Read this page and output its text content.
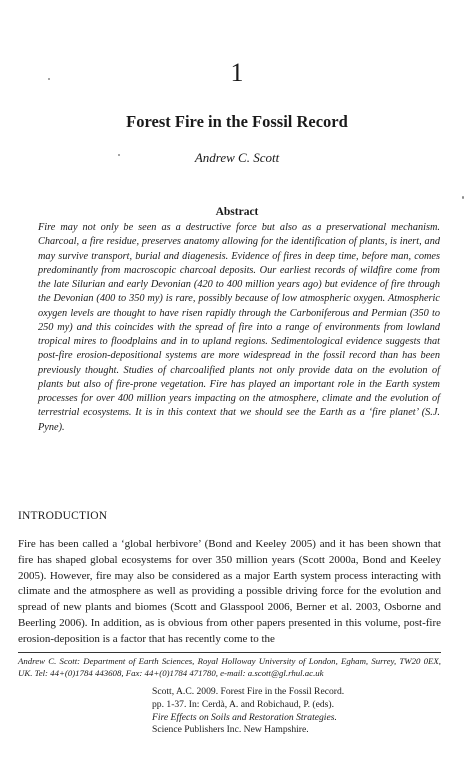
1
Forest Fire in the Fossil Record
Andrew C. Scott
Abstract
Fire may not only be seen as a destructive force but also as a preservational mechanism. Charcoal, a fire residue, preserves anatomy allowing for the identification of plants, is inert, and may survive transport, burial and diagenesis. Evidence of fires in deep time, before man, comes predominantly from macroscopic charcoal deposits. Our earliest records of wildfire come from the late Silurian and early Devonian (420 to 400 million years ago) but evidence of fire through the Devonian (400 to 350 my) is rare, possibly because of low atmospheric oxygen. Atmospheric oxygen levels are thought to have risen rapidly through the Carboniferous and Permian (350 to 250 my) and this coincides with the spread of fire into a range of environments from lowland tropical mires to floodplains and in to upland regions. Sedimentological evidence suggests that post-fire erosion-depositional systems are more widespread in the fossil record than has been previously thought. Studies of charcoalified plants not only provide data on the evolution of plants but also of fire-prone vegetation. Fire has played an important role in the Earth system processes for over 400 million years impacting on the atmosphere, climate and the evolution of terrestrial ecosystems. It is in this context that we should see the Earth as a ‘fire planet’ (S.J. Pyne).
INTRODUCTION
Fire has been called a ‘global herbivore’ (Bond and Keeley 2005) and it has been shown that fire has shaped global ecosystems for over 350 million years (Scott 2000a, Bond and Keeley 2005). However, fire may also be considered as a major Earth system process interacting with climate and the atmosphere as well as providing a possible driving force for the evolution and spread of new plants and biomes (Scott and Glasspool 2006, Berner et al. 2003, Osborne and Beerling 2006). In addition, as is obvious from other papers presented in this volume, post-fire erosion-deposition is a factor that has recently come to the
Andrew C. Scott: Department of Earth Sciences, Royal Holloway University of London, Egham, Surrey, TW20 0EX, UK. Tel: 44+(0)1784 443608, Fax: 44+(0)1784 471780, e-mail: a.scott@gl.rhul.ac.uk
Scott, A.C. 2009. Forest Fire in the Fossil Record.
pp. 1-37. In: Cerdà, A. and Robichaud, P. (eds).
Fire Effects on Soils and Restoration Strategies.
Science Publishers Inc. New Hampshire.
